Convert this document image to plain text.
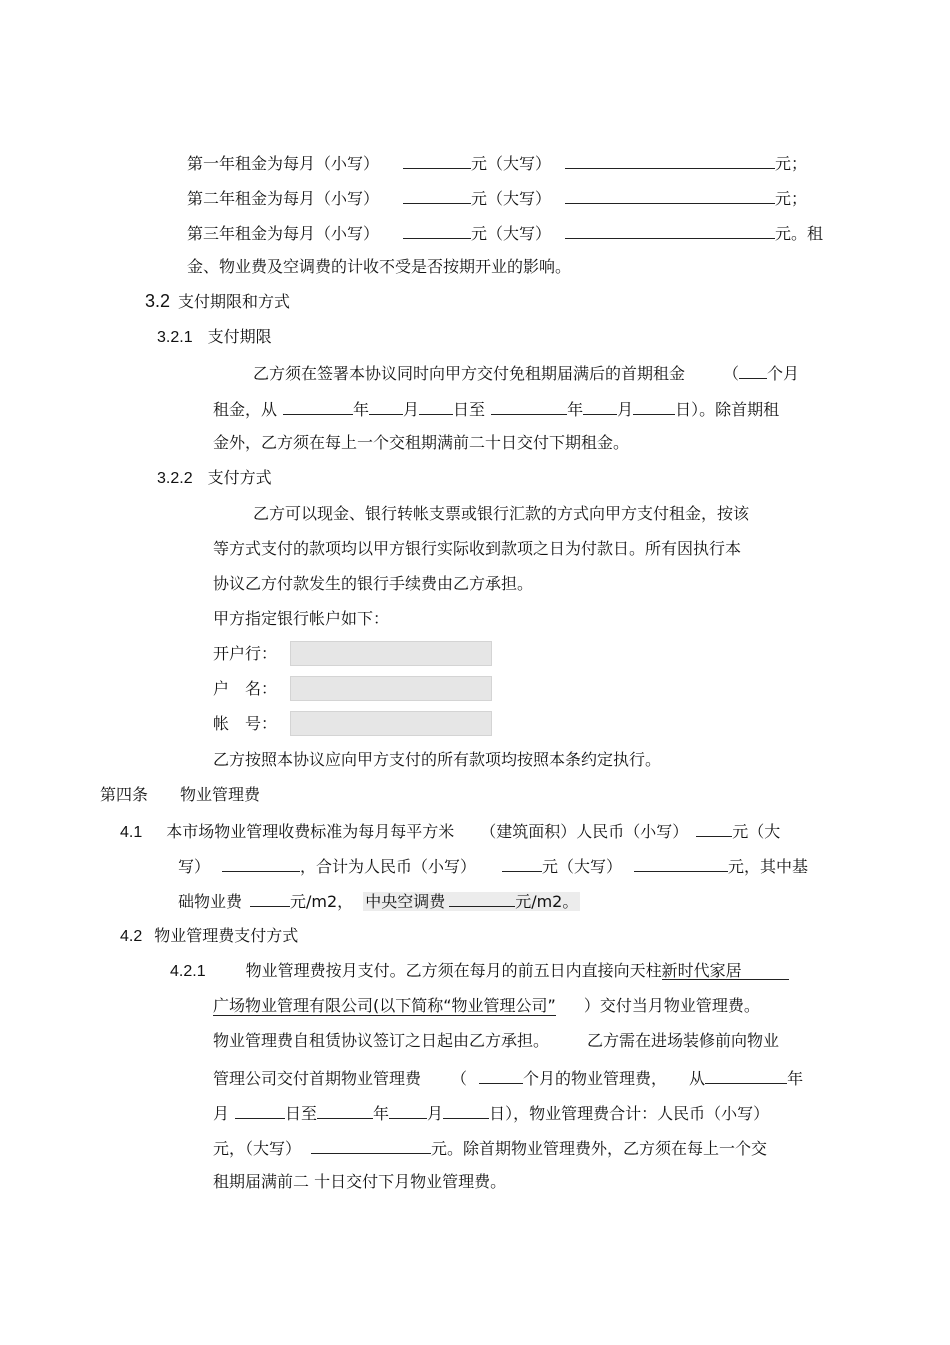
第一年租金为每月（小写）	元（大写）	元；
第二年租金为每月（小写）	元（大写）	元；
第三年租金为每月（小写）	元（大写）	元。租
金、物业费及空调费的计收不受是否按期开业的影响。
3.2 支付期限和方式
3.2.1 支付期限
乙方须在签署本协议同时向甲方交付免租期届满后的首期租金 （ 个月
租金，从	年 月 日至	年 月	日）。除首期租
金外，乙方须在每上一个交租期满前二十日交付下期租金。
3.2.2 支付方式
乙方可以现金、银行转帐支票或银行汇款的方式向甲方支付租金，按该
等方式支付的款项均以甲方银行实际收到款项之日为付款日。所有因执行本
协议乙方付款发生的银行手续费由乙方承担。
甲方指定银行帐户如下：
开户行：
户　名：
帐　号：
乙方按照本协议应向甲方支付的所有款项均按照本条约定执行。
第四条 物业管理费
4.1 本市场物业管理收费标准为每月每平方米 （建筑面积）人民币（小写）	元（大
写）	，合计为人民币（小写）	元（大写）	元，其中基
础物业费	元/m2， 中央空调费	元/m2。
4.2 物业管理费支付方式
4.2.1	物业管理费按月支付。乙方须在每月的前五日内直接向天柱新时代家居
广场物业管理有限公司(以下简称“物业管理公司” ）交付当月物业管理费。
物业管理费自租赁协议签订之日起由乙方承担。 乙方需在进场装修前向物业
管理公司交付首期物业管理费 （	个月的物业管理费， 从	年
月	日至	年 月	日），物业管理费合计：人民币（小写）
元，（大写）	元。除首期物业管理费外，乙方须在每上一个交
租期届满前二 十日交付下月物业管理费。
